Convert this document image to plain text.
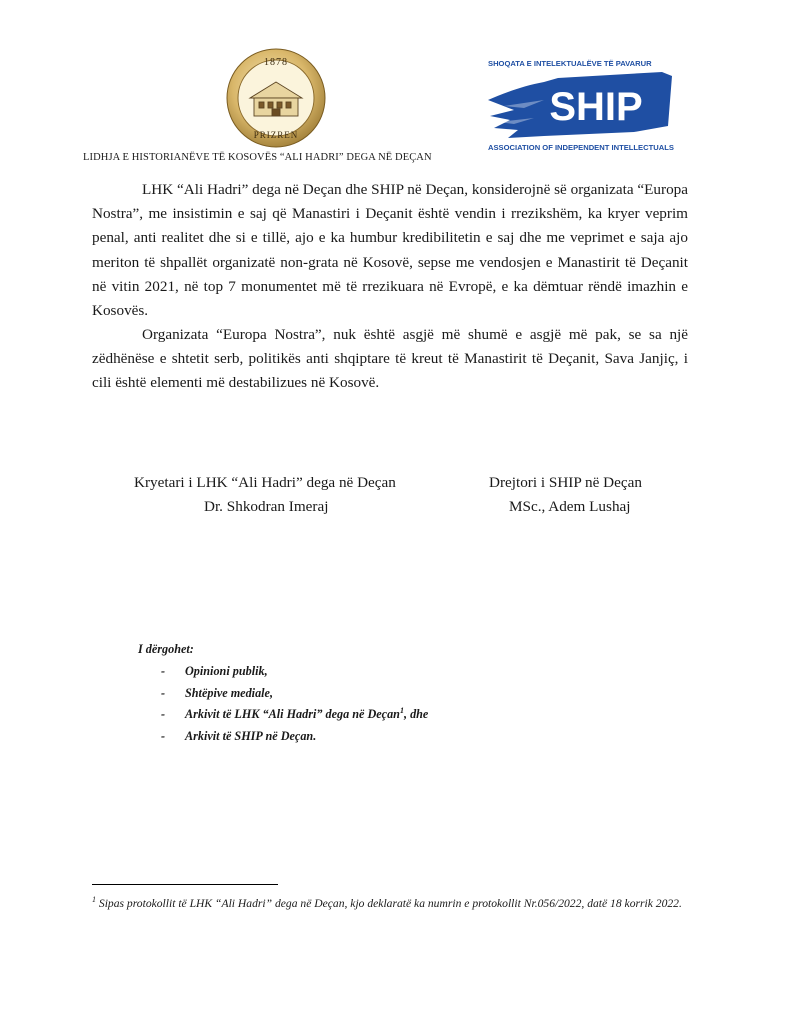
1878
PRIZREN
LIDHJA E HISTORIANËVE TË KOSOVËS “ALI HADRI” DEGA NË DEÇAN
SHOQATA E INTELEKTUALËVE TË PAVARUR
SHIP
ASSOCIATION OF INDEPENDENT INTELLECTUALS

LHK “Ali Hadri” dega në Deçan dhe SHIP në Deçan, konsiderojnë së organizata “Europa Nostra”, me insistimin e saj që Manastiri i Deçanit është vendin i rrezikshëm, ka kryer veprim penal, anti realitet dhe si e tillë, ajo e ka humbur kredibilitetin e saj dhe me veprimet e saja ajo meriton të shpallët organizatë non-grata në Kosovë, sepse me vendosjen e Manastirit të Deçanit në vitin 2021, në top 7 monumentet më të rrezikuara në Evropë, e ka dëmtuar rëndë imazhin e Kosovës.

Organizata “Europa Nostra”, nuk është asgjë më shumë e asgjë më pak, se sa një zëdhënëse e shtetit serb, politikës anti shqiptare të kreut të Manastirit të Deçanit, Sava Janjiç, i cili është elementi më destabilizues në Kosovë.

Kryetari i LHK “Ali Hadri” dega në Deçan
Dr. Shkodran Imeraj
Drejtori i SHIP në Deçan
MSc., Adem Lushaj
I dërgohet:
- Opinioni publik,
- Shtëpive mediale,
- Arkivit të LHK “Ali Hadri” dega në Deçan$^1$, dhe
- Arkivit të SHIP në Deçan.
$^1$ Sipas protokollit të LHK “Ali Hadri” dega në Deçan, kjo deklaratë ka numrin e protokollit Nr.056/2022, datë 18 korrik 2022.
